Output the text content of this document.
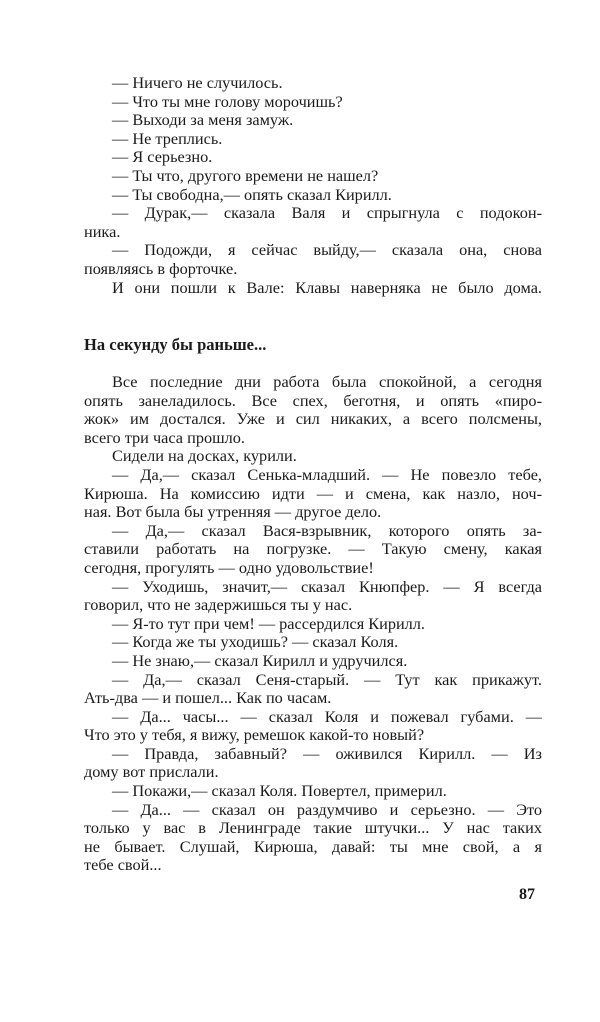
— Ничего не случилось.
— Что ты мне голову морочишь?
— Выходи за меня замуж.
— Не треплись.
— Я серьезно.
— Ты что, другого времени не нашел?
— Ты свободна,— опять сказал Кирилл.
— Дурак,— сказала Валя и спрыгнула с подокон-
ника.
— Подожди, я сейчас выйду,— сказала она, снова
появляясь в форточке.
И они пошли к Вале: Клавы наверняка не было дома.
На секунду бы раньше...
Все последние дни работа была спокойной, а сегодня
опять занеладилось. Все спех, беготня, и опять «пиро-
жок» им достался. Уже и сил никаких, а всего полсмены,
всего три часа прошло.
Сидели на досках, курили.
— Да,— сказал Сенька-младший. — Не повезло тебе,
Кирюша. На комиссию идти — и смена, как назло, ноч-
ная. Вот была бы утренняя — другое дело.
— Да,— сказал Вася-взрывник, которого опять за-
ставили работать на погрузке. — Такую смену, какая
сегодня, прогулять — одно удовольствие!
— Уходишь, значит,— сказал Кнюпфер. — Я всегда
говорил, что не задержишься ты у нас.
— Я-то тут при чем! — рассердился Кирилл.
— Когда же ты уходишь? — сказал Коля.
— Не знаю,— сказал Кирилл и удручился.
— Да,— сказал Сеня-старый. — Тут как прикажут.
Ать-два — и пошел... Как по часам.
— Да... часы... — сказал Коля и пожевал губами. —
Что это у тебя, я вижу, ремешок какой-то новый?
— Правда, забавный? — оживился Кирилл. — Из
дому вот прислали.
— Покажи,— сказал Коля. Повертел, примерил.
— Да... — сказал он раздумчиво и серьезно. — Это
только у вас в Ленинграде такие штучки... У нас таких
не бывает. Слушай, Кирюша, давай: ты мне свой, а я
тебе свой...
87
